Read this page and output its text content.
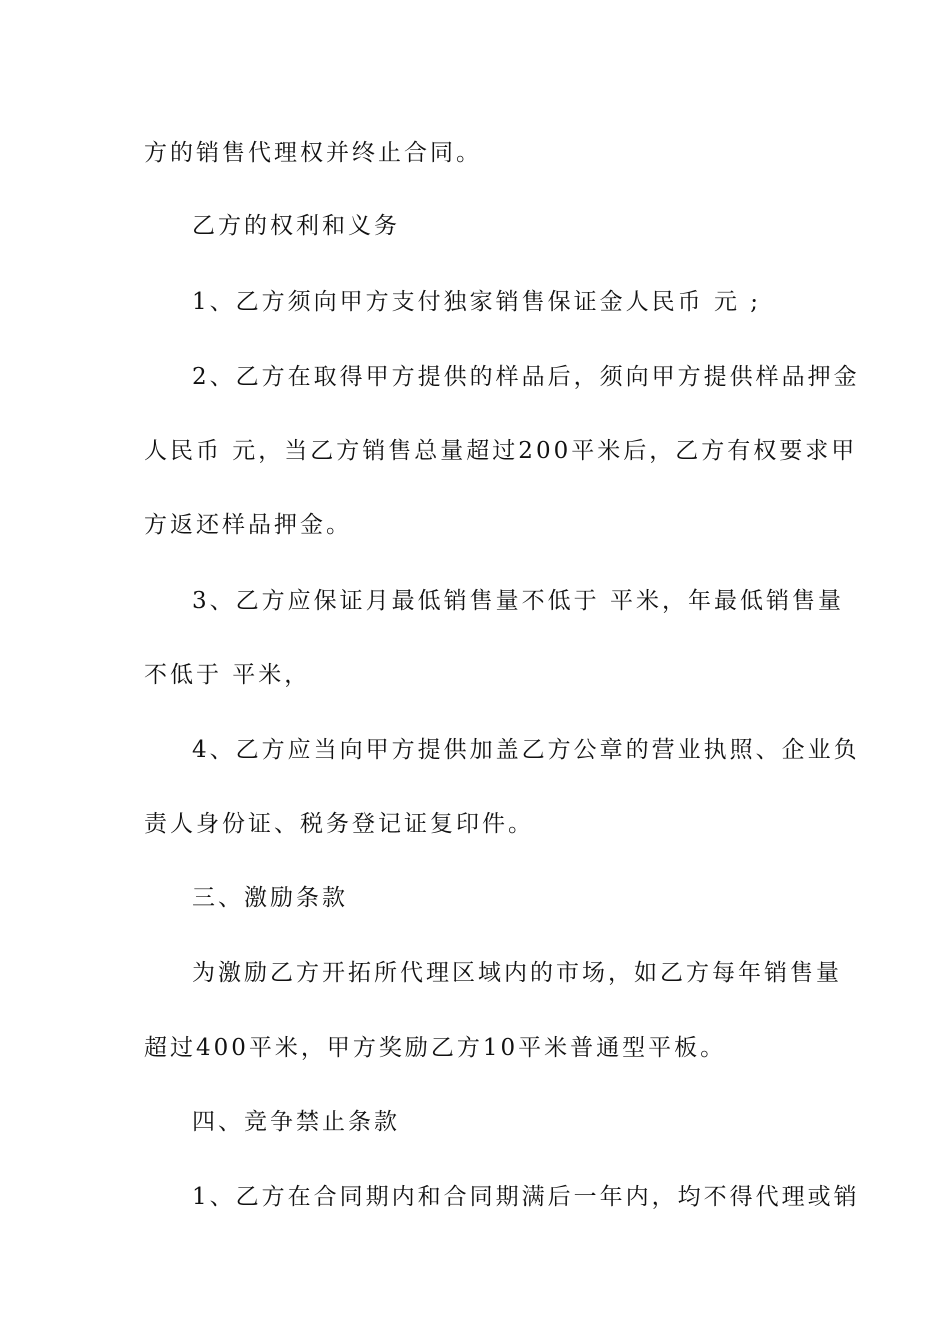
方的销售代理权并终止合同。
乙方的权利和义务
1、乙方须向甲方支付独家销售保证金人民币 元 ;
2、乙方在取得甲方提供的样品后，须向甲方提供样品押金
人民币 元，当乙方销售总量超过200平米后，乙方有权要求甲
方返还样品押金。
3、乙方应保证月最低销售量不低于 平米，年最低销售量
不低于 平米，
4、乙方应当向甲方提供加盖乙方公章的营业执照、企业负
责人身份证、税务登记证复印件。
三、激励条款
为激励乙方开拓所代理区域内的市场，如乙方每年销售量
超过400平米，甲方奖励乙方10平米普通型平板。
四、竞争禁止条款
1、乙方在合同期内和合同期满后一年内，均不得代理或销
